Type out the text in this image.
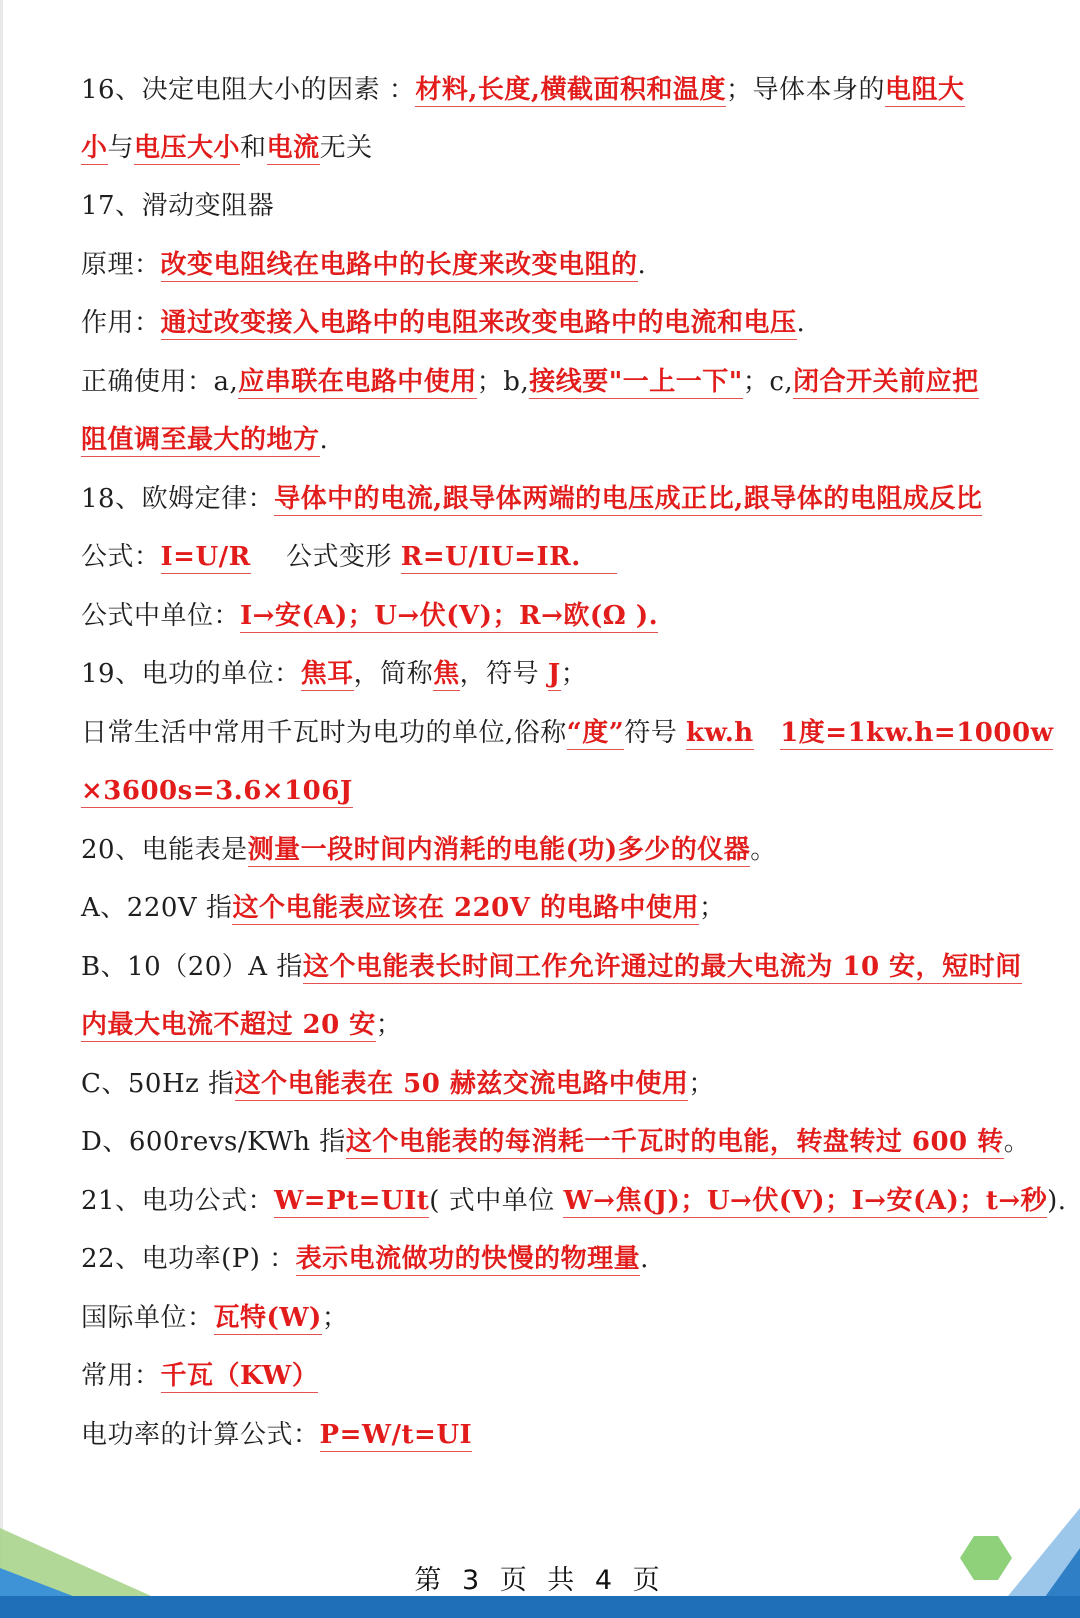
16、决定电阻大小的因素 ：材料,长度,横截面积和温度；导体本身的电阻大
小与电压大小和电流无关
17、滑动变阻器
原理：改变电阻线在电路中的长度来改变电阻的.
作用：通过改变接入电路中的电阻来改变电路中的电流和电压.
正确使用：a,应串联在电路中使用；b,接线要"一上一下"；c,闭合开关前应把
阻值调至最大的地方.
18、欧姆定律：导体中的电流,跟导体两端的电压成正比,跟导体的电阻成反比
公式：I=U/R　 公式变形 R=U/IU=IR. 　
公式中单位：I→安(A)；U→伏(V)；R→欧(Ω ).
19、电功的单位：焦耳，简称焦，符号 J；
日常生活中常用千瓦时为电功的单位,俗称“度”符号 kw.h　 1度=1kw.h=1000w
×3600s=3.6×106J
20、电能表是测量一段时间内消耗的电能(功)多少的仪器。
A、220V 指这个电能表应该在 220V 的电路中使用；
B、10（20）A 指这个电能表长时间工作允许通过的最大电流为 10 安，短时间
内最大电流不超过 20 安；
C、50Hz 指这个电能表在 50 赫兹交流电路中使用；
D、600revs/KWh 指这个电能表的每消耗一千瓦时的电能，转盘转过 600 转。
21、电功公式：W=Pt=UIt( 式中单位 W→焦(J)；U→伏(V)；I→安(A)；t→秒).
22、电功率(P) ：表示电流做功的快慢的物理量.
国际单位：瓦特(W)；
常用：千瓦（KW）
电功率的计算公式：P=W/t=UI
第 3 页 共 4 页
